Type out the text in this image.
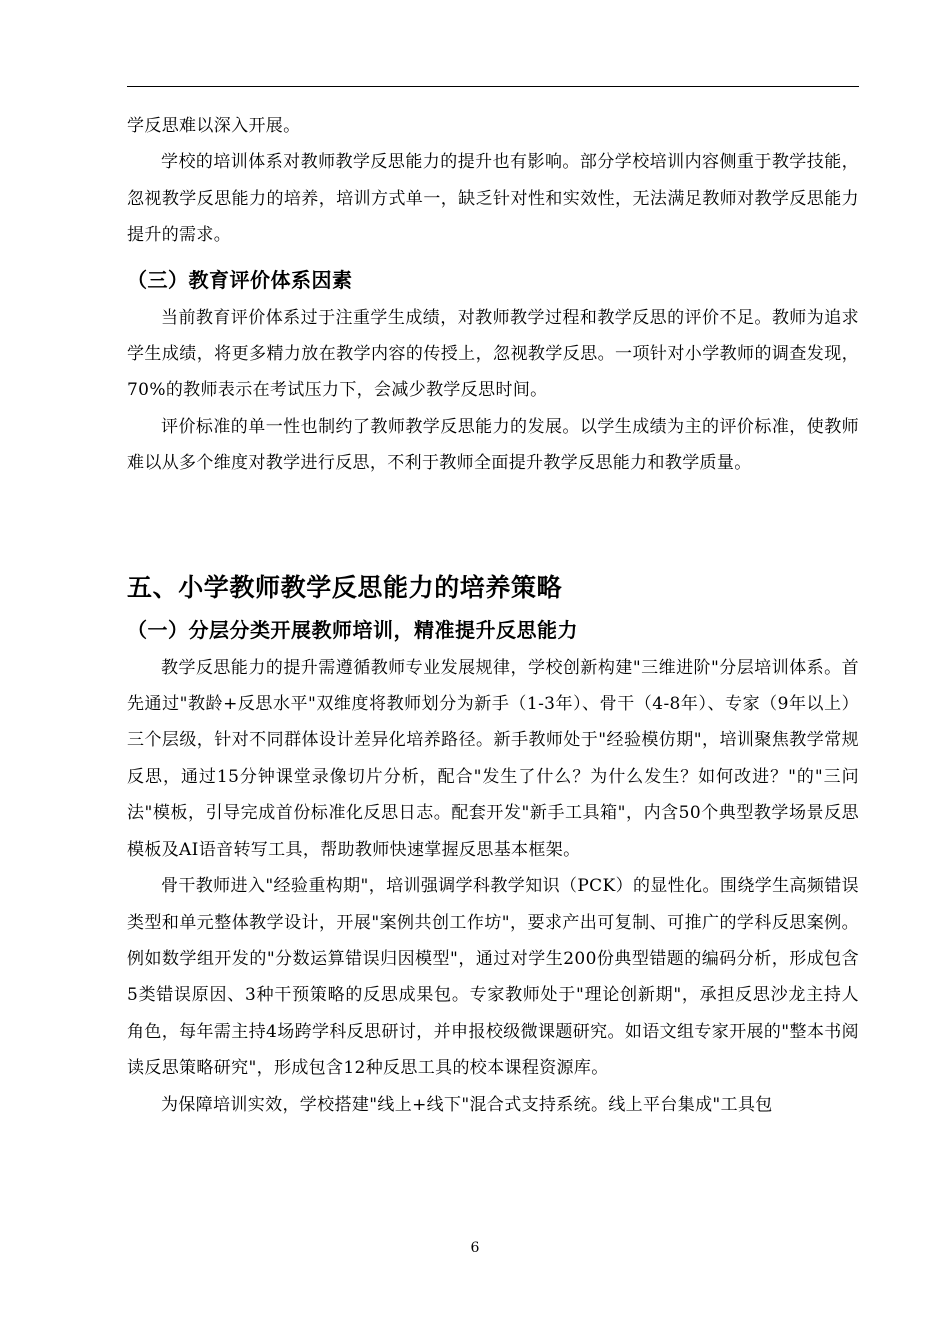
学反思难以深入开展。

学校的培训体系对教师教学反思能力的提升也有影响。部分学校培训内容侧重于教学技能，忽视教学反思能力的培养，培训方式单一，缺乏针对性和实效性，无法满足教师对教学反思能力提升的需求。

（三）教育评价体系因素

当前教育评价体系过于注重学生成绩，对教师教学过程和教学反思的评价不足。教师为追求学生成绩，将更多精力放在教学内容的传授上，忽视教学反思。一项针对小学教师的调查发现，70%的教师表示在考试压力下，会减少教学反思时间。

评价标准的单一性也制约了教师教学反思能力的发展。以学生成绩为主的评价标准，使教师难以从多个维度对教学进行反思，不利于教师全面提升教学反思能力和教学质量。

五、小学教师教学反思能力的培养策略
（一）分层分类开展教师培训，精准提升反思能力

教学反思能力的提升需遵循教师专业发展规律，学校创新构建"三维进阶"分层培训体系。首先通过"教龄+反思水平"双维度将教师划分为新手（1-3年）、骨干（4-8年）、专家（9年以上）三个层级，针对不同群体设计差异化培养路径。新手教师处于"经验模仿期"，培训聚焦教学常规反思，通过15分钟课堂录像切片分析，配合"发生了什么？为什么发生？如何改进？"的"三问法"模板，引导完成首份标准化反思日志。配套开发"新手工具箱"，内含50个典型教学场景反思模板及AI语音转写工具，帮助教师快速掌握反思基本框架。

骨干教师进入"经验重构期"，培训强调学科教学知识（PCK）的显性化。围绕学生高频错误类型和单元整体教学设计，开展"案例共创工作坊"，要求产出可复制、可推广的学科反思案例。例如数学组开发的"分数运算错误归因模型"，通过对学生200份典型错题的编码分析，形成包含5类错误原因、3种干预策略的反思成果包。专家教师处于"理论创新期"，承担反思沙龙主持人角色，每年需主持4场跨学科反思研讨，并申报校级微课题研究。如语文组专家开展的"整本书阅读反思策略研究"，形成包含12种反思工具的校本课程资源库。

为保障培训实效，学校搭建"线上+线下"混合式支持系统。线上平台集成"工具包

6
